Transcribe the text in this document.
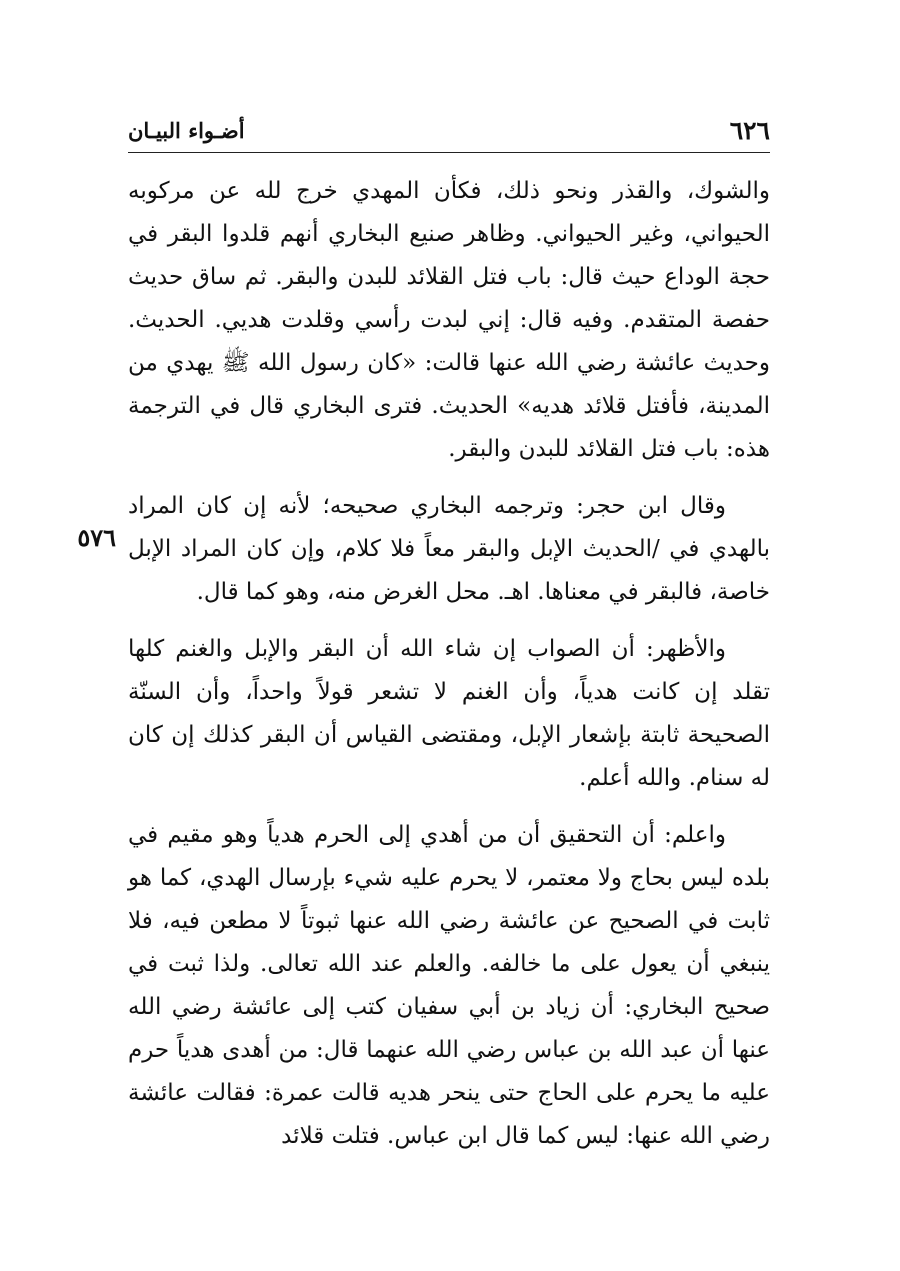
٦٢٦
أضـواء البيـان

والشوك، والقذر ونحو ذلك، فكأن المهدي خرج لله عن مركوبه الحيواني، وغير الحيواني. وظاهر صنيع البخاري أنهم قلدوا البقر في حجة الوداع حيث قال: باب فتل القلائد للبدن والبقر. ثم ساق حديث حفصة المتقدم. وفيه قال: إني لبدت رأسي وقلدت هديي. الحديث. وحديث عائشة رضي الله عنها قالت: «كان رسول الله ﷺ يهدي من المدينة، فأفتل قلائد هديه» الحديث. فترى البخاري قال في الترجمة هذه: باب فتل القلائد للبدن والبقر.

وقال ابن حجر: وترجمه البخاري صحيحه؛ لأنه إن كان المراد بالهدي في /الحديث الإبل والبقر معاً فلا كلام، وإن كان المراد الإبل خاصة، فالبقر في معناها. اهـ. محل الغرض منه، وهو كما قال.

والأظهر: أن الصواب إن شاء الله أن البقر والإبل والغنم كلها تقلد إن كانت هدياً، وأن الغنم لا تشعر قولاً واحداً، وأن السنّة الصحيحة ثابتة بإشعار الإبل، ومقتضى القياس أن البقر كذلك إن كان له سنام. والله أعلم.

واعلم: أن التحقيق أن من أهدي إلى الحرم هدياً وهو مقيم في بلده ليس بحاج ولا معتمر، لا يحرم عليه شيء بإرسال الهدي، كما هو ثابت في الصحيح عن عائشة رضي الله عنها ثبوتاً لا مطعن فيه، فلا ينبغي أن يعول على ما خالفه. والعلم عند الله تعالى. ولذا ثبت في صحيح البخاري: أن زياد بن أبي سفيان كتب إلى عائشة رضي الله عنها أن عبد الله بن عباس رضي الله عنهما قال: من أهدى هدياً حرم عليه ما يحرم على الحاج حتى ينحر هديه قالت عمرة: فقالت عائشة رضي الله عنها: ليس كما قال ابن عباس. فتلت قلائد

٥٧٦
